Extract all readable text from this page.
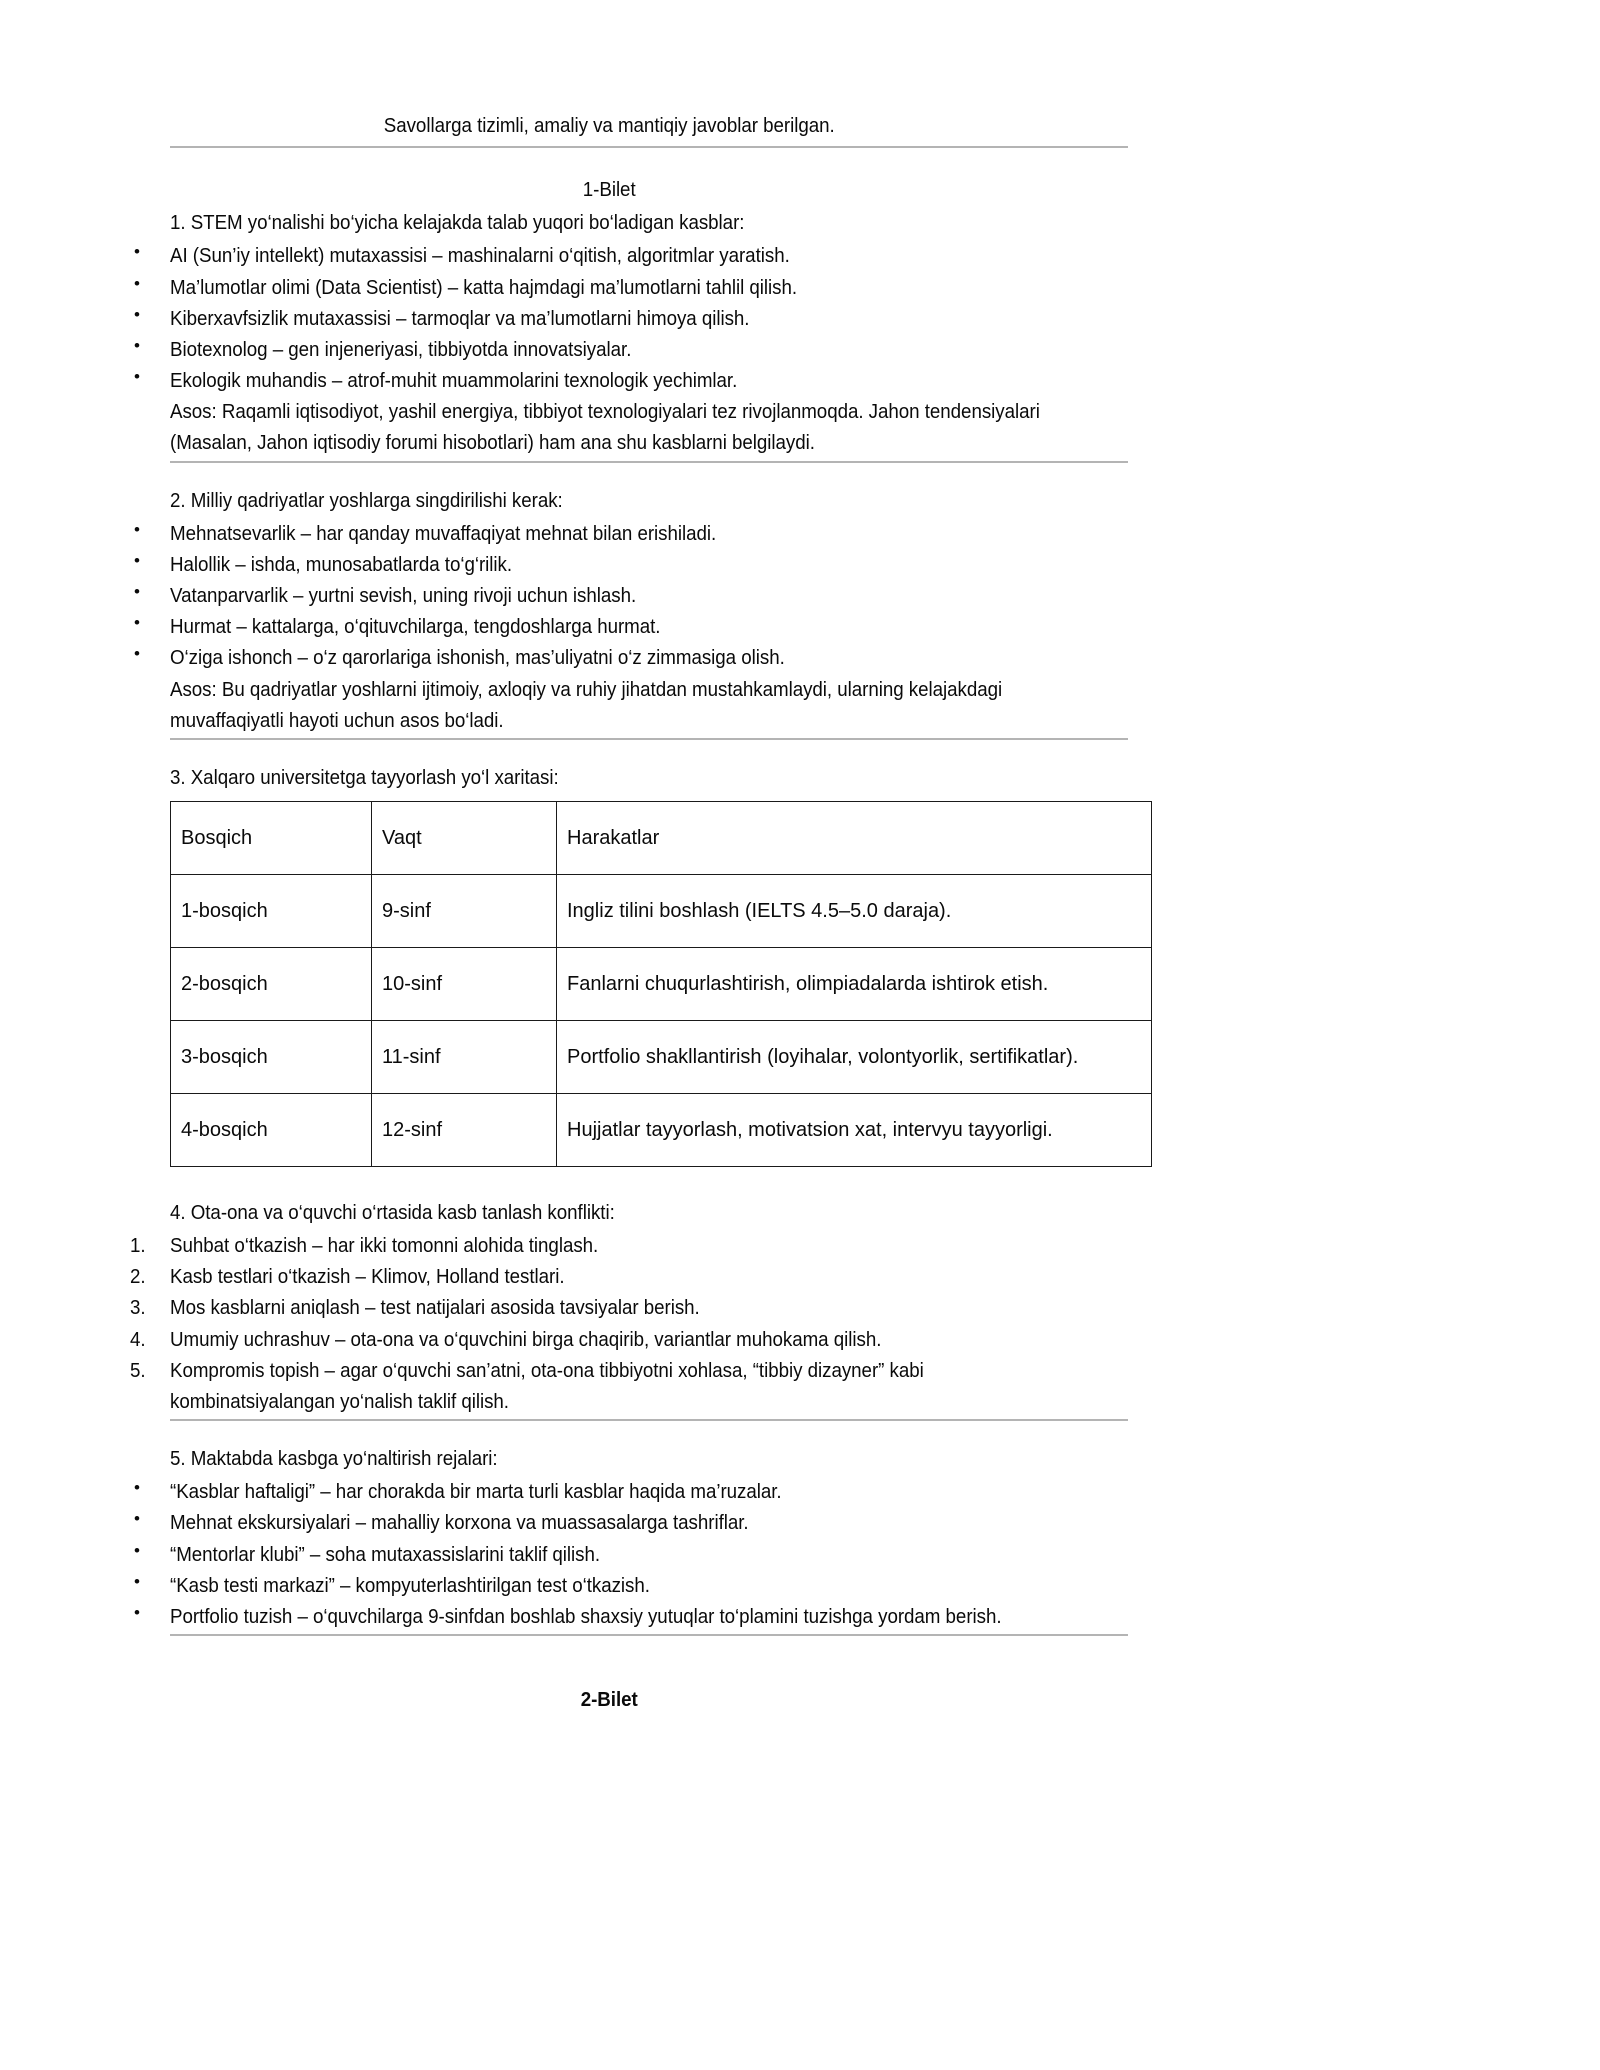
Savollarga tizimli, amaliy va mantiqiy javoblar berilgan.
1-Bilet
1. STEM yo‘nalishi bo‘yicha kelajakda talab yuqori bo‘ladigan kasblar:
• AI (Sun’iy intellekt) mutaxassisi – mashinalarni o‘qitish, algoritmlar yaratish.
• Ma’lumotlar olimi (Data Scientist) – katta hajmdagi ma’lumotlarni tahlil qilish.
• Kiberxavfsizlik mutaxassisi – tarmoqlar va ma’lumotlarni himoya qilish.
• Biotexnolog – gen injeneriyasi, tibbiyotda innovatsiyalar.
• Ekologik muhandis – atrof-muhit muammolarini texnologik yechimlar.
Asos: Raqamli iqtisodiyot, yashil energiya, tibbiyot texnologiyalari tez rivojlanmoqda. Jahon tendensiyalari
(Masalan, Jahon iqtisodiy forumi hisobotlari) ham ana shu kasblarni belgilaydi.
2. Milliy qadriyatlar yoshlarga singdirilishi kerak:
• Mehnatsevarlik – har qanday muvaffaqiyat mehnat bilan erishiladi.
• Halollik – ishda, munosabatlarda to‘g‘rilik.
• Vatanparvarlik – yurtni sevish, uning rivoji uchun ishlash.
• Hurmat – kattalarga, o‘qituvchilarga, tengdoshlarga hurmat.
• O‘ziga ishonch – o‘z qarorlariga ishonish, mas’uliyatni o‘z zimmasiga olish.
Asos: Bu qadriyatlar yoshlarni ijtimoiy, axloqiy va ruhiy jihatdan mustahkamlaydi, ularning kelajakdagi
muvaffaqiyatli hayoti uchun asos bo‘ladi.
3. Xalqaro universitetga tayyorlash yo‘l xaritasi:
Bosqich	Vaqt	Harakatlar
1-bosqich	9-sinf	Ingliz tilini boshlash (IELTS 4.5–5.0 daraja).
2-bosqich	10-sinf	Fanlarni chuqurlashtirish, olimpiadalarda ishtirok etish.
3-bosqich	11-sinf	Portfolio shakllantirish (loyihalar, volontyorlik, sertifikatlar).
4-bosqich	12-sinf	Hujjatlar tayyorlash, motivatsion xat, intervyu tayyorligi.
4. Ota-ona va o‘quvchi o‘rtasida kasb tanlash konflikti:
1.	Suhbat o‘tkazish – har ikki tomonni alohida tinglash.
2.	Kasb testlari o‘tkazish – Klimov, Holland testlari.
3.	Mos kasblarni aniqlash – test natijalari asosida tavsiyalar berish.
4.	Umumiy uchrashuv – ota-ona va o‘quvchini birga chaqirib, variantlar muhokama qilish.
5.	Kompromis topish – agar o‘quvchi san’atni, ota-ona tibbiyotni xohlasa, “tibbiy dizayner” kabi
kombinatsiyalangan yo‘nalish taklif qilish.
5. Maktabda kasbga yo‘naltirish rejalari:
• “Kasblar haftaligi” – har chorakda bir marta turli kasblar haqida ma’ruzalar.
• Mehnat ekskursiyalari – mahalliy korxona va muassasalarga tashriflar.
• “Mentorlar klubi” – soha mutaxassislarini taklif qilish.
• “Kasb testi markazi” – kompyuterlashtirilgan test o‘tkazish.
• Portfolio tuzish – o‘quvchilarga 9-sinfdan boshlab shaxsiy yutuqlar to‘plamini tuzishga yordam berish.
2-Bilet
